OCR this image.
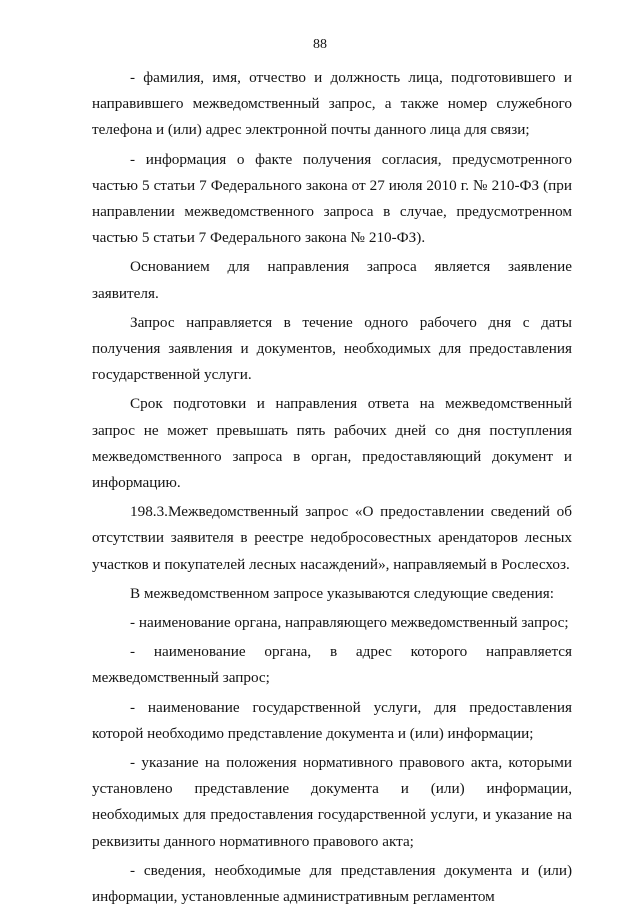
88

- фамилия, имя, отчество и должность лица, подготовившего и направившего межведомственный запрос, а также номер служебного телефона и (или) адрес электронной почты данного лица для связи;

- информация о факте получения согласия, предусмотренного частью 5 статьи 7 Федерального закона от 27 июля 2010 г. № 210-ФЗ (при направлении межведомственного запроса в случае, предусмотренном частью 5 статьи 7 Федерального закона № 210-ФЗ).

Основанием для направления запроса является заявление заявителя.

Запрос направляется в течение одного рабочего дня с даты получения заявления и документов, необходимых для предоставления государственной услуги.

Срок подготовки и направления ответа на межведомственный запрос не может превышать пять рабочих дней со дня поступления межведомственного запроса в орган, предоставляющий документ и информацию.

198.3.Межведомственный запрос «О предоставлении сведений об отсутствии заявителя в реестре недобросовестных арендаторов лесных участков и покупателей лесных насаждений», направляемый в Рослесхоз.

В межведомственном запросе указываются следующие сведения:

- наименование органа, направляющего межведомственный запрос;

- наименование органа, в адрес которого направляется межведомственный запрос;

- наименование государственной услуги, для предоставления которой необходимо представление документа и (или) информации;

- указание на положения нормативного правового акта, которыми установлено представление документа и (или) информации, необходимых для предоставления государственной услуги, и указание на реквизиты данного нормативного правового акта;

- сведения, необходимые для представления документа и (или) информации, установленные административным регламентом
